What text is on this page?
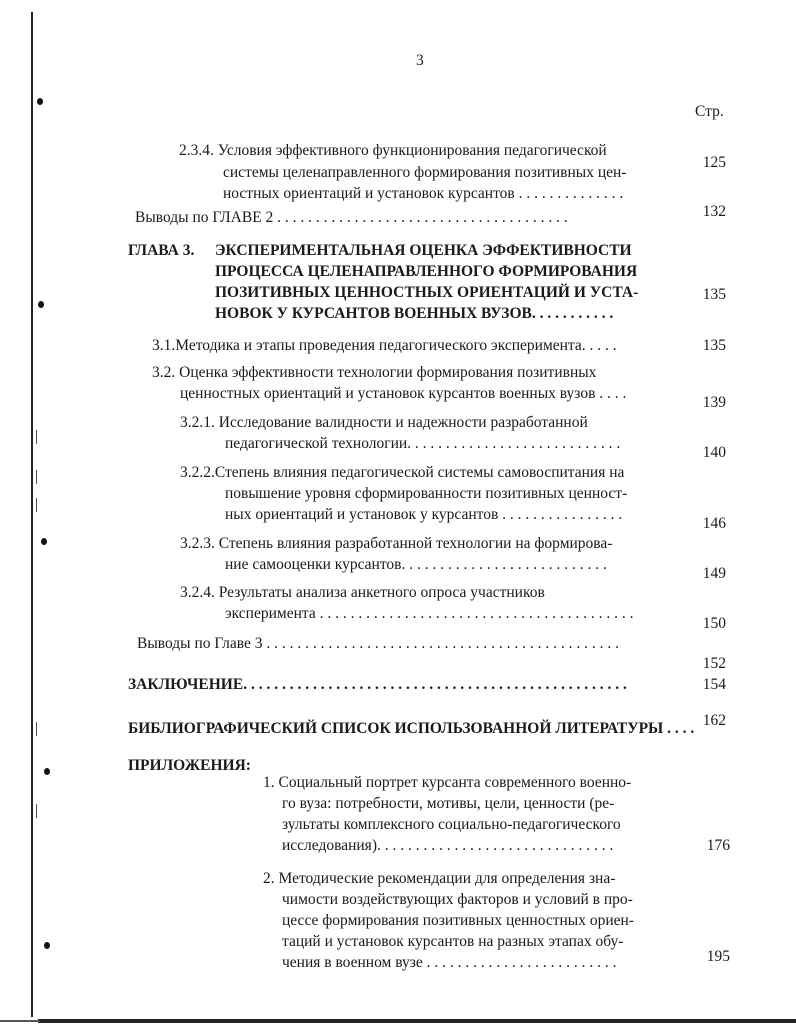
3
Стр.
2.3.4. Условия эффективного функционирования педагогической
системы целенаправленного формирования позитивных цен-
ностных ориентаций и установок курсантов . . . . . . . . . . . . . .
125
Выводы по ГЛАВЕ 2 . . . . . . . . . . . . . . . . . . . . . . . . . . . . . . . . . . . . . .	132
ГЛАВА 3. ЭКСПЕРИМЕНТАЛЬНАЯ ОЦЕНКА ЭФФЕКТИВНОСТИ
ПРОЦЕССА ЦЕЛЕНАПРАВЛЕННОГО ФОРМИРОВАНИЯ
ПОЗИТИВНЫХ ЦЕННОСТНЫХ ОРИЕНТАЦИЙ И УСТА-
НОВОК У КУРСАНТОВ ВОЕННЫХ ВУЗОВ. . . . . . . . . . .
135
3.1.Методика и этапы проведения педагогического эксперимента. . . . .	135
3.2. Оценка эффективности технологии формирования позитивных
ценностных ориентаций и установок курсантов военных вузов . . . .
139
3.2.1. Исследование валидности и надежности разработанной
педагогической технологии. . . . . . . . . . . . . . . . . . . . . . . . . . . .
140
3.2.2.Степень влияния педагогической системы самовоспитания на
повышение уровня сформированности позитивных ценност-
ных ориентаций и установок у курсантов . . . . . . . . . . . . . . . .
146
3.2.3. Степень влияния разработанной технологии на формирова-
ние самооценки курсантов. . . . . . . . . . . . . . . . . . . . . . . . . . .
149
3.2.4. Результаты анализа анкетного опроса участников
эксперимента . . . . . . . . . . . . . . . . . . . . . . . . . . . . . . . . . . . . . . . . .
150
Выводы по Главе 3 . . . . . . . . . . . . . . . . . . . . . . . . . . . . . . . . . . . . . . . . . . . . . .
152
ЗАКЛЮЧЕНИЕ. . . . . . . . . . . . . . . . . . . . . . . . . . . . . . . . . . . . . . . . . . . . . . . . . .	154
БИБЛИОГРАФИЧЕСКИЙ СПИСОК ИСПОЛЬЗОВАННОЙ ЛИТЕРАТУРЫ . . . . 162
ПРИЛОЖЕНИЯ:
1. Социальный портрет курсанта современного военно-
го вуза: потребности, мотивы, цели, ценности (ре-
зультаты комплексного социально-педагогического
исследования). . . . . . . . . . . . . . . . . . . . . . . . . . . . . . .	176
2. Методические рекомендации для определения зна-
чимости воздействующих факторов и условий в про-
цессе формирования позитивных ценностных ориен-
таций и установок курсантов на разных этапах обу-
чения в военном вузе . . . . . . . . . . . . . . . . . . . . . . . . .	195
